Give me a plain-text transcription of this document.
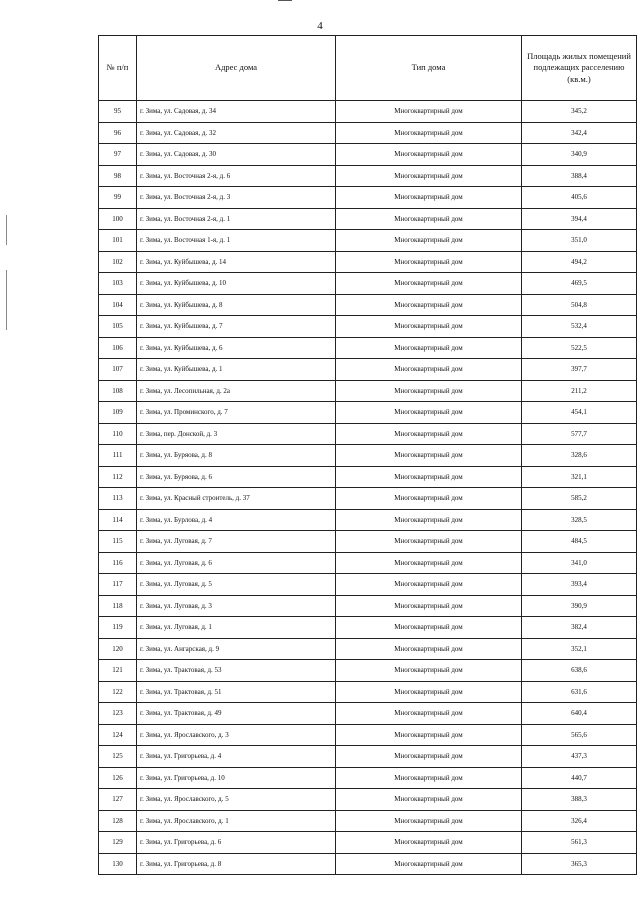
4
№ п/п	Адрес дома	Тип дома	Площадь жилых помещений подлежащих расселению (кв.м.)
95	г. Зима, ул. Садовая, д. 34	Многоквартирный дом	345,2
96	г. Зима, ул. Садовая, д. 32	Многоквартирный дом	342,4
97	г. Зима, ул. Садовая, д. 30	Многоквартирный дом	340,9
98	г. Зима, ул. Восточная 2-я, д. 6	Многоквартирный дом	388,4
99	г. Зима, ул. Восточная 2-я, д. 3	Многоквартирный дом	405,6
100	г. Зима, ул. Восточная 2-я, д. 1	Многоквартирный дом	394,4
101	г. Зима, ул. Восточная 1-я, д. 1	Многоквартирный дом	351,0
102	г. Зима, ул. Куйбышева, д. 14	Многоквартирный дом	494,2
103	г. Зима, ул. Куйбышева, д. 10	Многоквартирный дом	469,5
104	г. Зима, ул. Куйбышева, д. 8	Многоквартирный дом	504,8
105	г. Зима, ул. Куйбышева, д. 7	Многоквартирный дом	532,4
106	г. Зима, ул. Куйбышева, д. 6	Многоквартирный дом	522,5
107	г. Зима, ул. Куйбышева, д. 1	Многоквартирный дом	397,7
108	г. Зима, ул. Лесопильная, д. 2а	Многоквартирный дом	211,2
109	г. Зима, ул. Проминского, д. 7	Многоквартирный дом	454,1
110	г. Зима, пер. Донской, д. 3	Многоквартирный дом	577,7
111	г. Зима, ул. Буряова, д. 8	Многоквартирный дом	328,6
112	г. Зима, ул. Буряова, д. 6	Многоквартирный дом	321,1
113	г. Зима, ул. Красный строитель, д. 37	Многоквартирный дом	585,2
114	г. Зима, ул. Бурлова, д. 4	Многоквартирный дом	328,5
115	г. Зима, ул. Луговая, д. 7	Многоквартирный дом	484,5
116	г. Зима, ул. Луговая, д. 6	Многоквартирный дом	341,0
117	г. Зима, ул. Луговая, д. 5	Многоквартирный дом	393,4
118	г. Зима, ул. Луговая, д. 3	Многоквартирный дом	390,9
119	г. Зима, ул. Луговая, д. 1	Многоквартирный дом	382,4
120	г. Зима, ул. Ангарская, д. 9	Многоквартирный дом	352,1
121	г. Зима, ул. Трактовая, д. 53	Многоквартирный дом	638,6
122	г. Зима, ул. Трактовая, д. 51	Многоквартирный дом	631,6
123	г. Зима, ул. Трактовая, д. 49	Многоквартирный дом	640,4
124	г. Зима, ул. Ярославского, д. 3	Многоквартирный дом	565,6
125	г. Зима, ул. Григорьева, д. 4	Многоквартирный дом	437,3
126	г. Зима, ул. Григорьева, д. 10	Многоквартирный дом	440,7
127	г. Зима, ул. Ярославского, д. 5	Многоквартирный дом	388,3
128	г. Зима, ул. Ярославского, д. 1	Многоквартирный дом	326,4
129	г. Зима, ул. Григорьева, д. 6	Многоквартирный дом	561,3
130	г. Зима, ул. Григорьева, д. 8	Многоквартирный дом	365,3
